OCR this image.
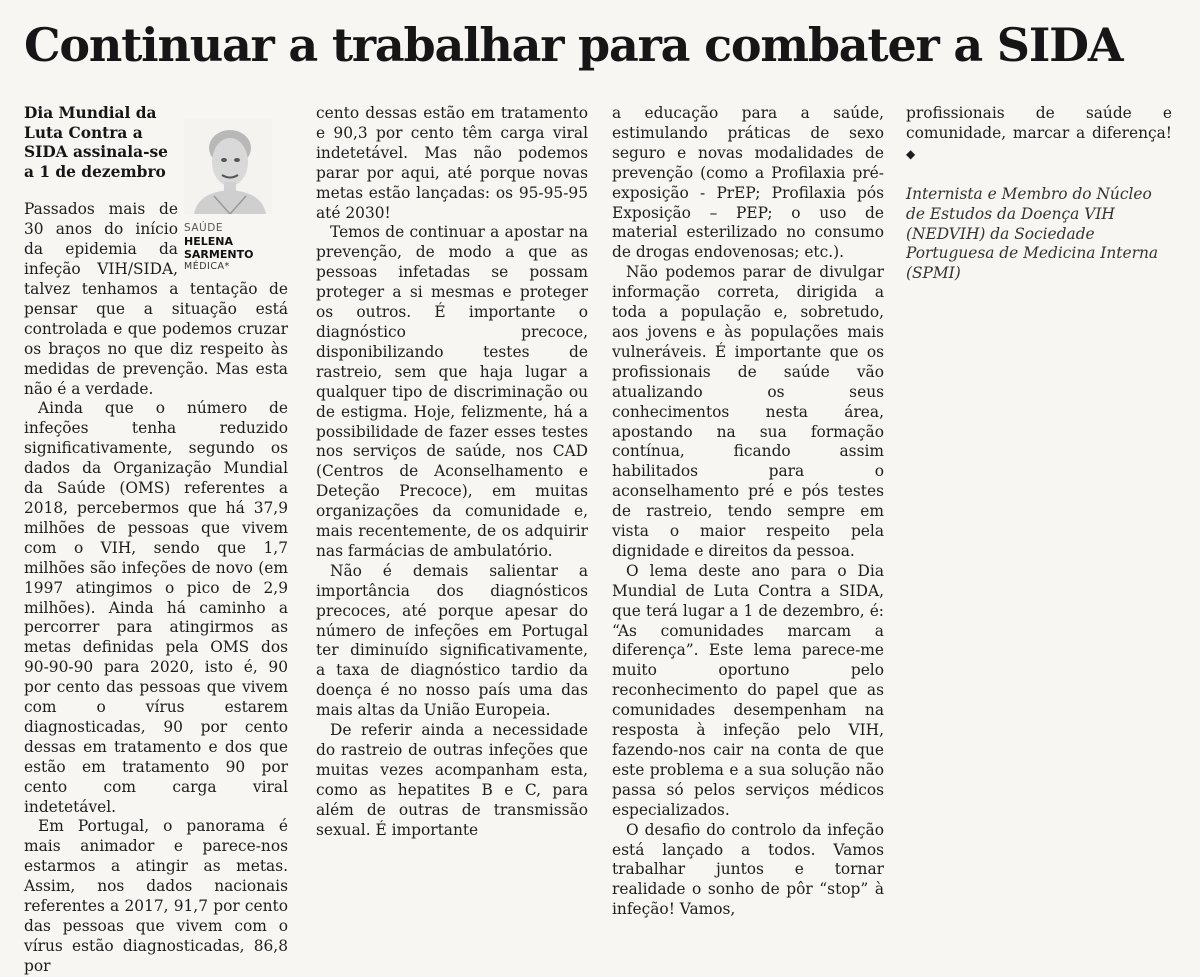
Continuar a trabalhar para combater a SIDA
SAÚDE
HELENA
SARMENTO
MÉDICA*

Dia Mundial da Luta Contra a SIDA assinala-se a 1 de dezembro

Passados mais de 30 anos do início da epidemia da infeção VIH/SIDA, talvez tenhamos a tentação de pensar que a situação está controlada e que podemos cruzar os braços no que diz respeito às medidas de prevenção. Mas esta não é a verdade.

Ainda que o número de infeções tenha reduzido significativamente, segundo os dados da Organização Mundial da Saúde (OMS) referentes a 2018, percebermos que há 37,9 milhões de pessoas que vivem com o VIH, sendo que 1,7 milhões são infeções de novo (em 1997 atingimos o pico de 2,9 milhões). Ainda há caminho a percorrer para atingirmos as metas definidas pela OMS dos 90-90-90 para 2020, isto é, 90 por cento das pessoas que vivem com o vírus estarem diagnosticadas, 90 por cento dessas em tratamento e dos que estão em tratamento 90 por cento com carga viral indetetável.

Em Portugal, o panorama é mais animador e parece-nos estarmos a atingir as metas. Assim, nos dados nacionais referentes a 2017, 91,7 por cento das pessoas que vivem com o vírus estão diagnosticadas, 86,8 por

cento dessas estão em tratamento e 90,3 por cento têm carga viral indetetável. Mas não podemos parar por aqui, até porque novas metas estão lançadas: os 95-95-95 até 2030!

Temos de continuar a apostar na prevenção, de modo a que as pessoas infetadas se possam proteger a si mesmas e proteger os outros. É importante o diagnóstico precoce, disponibilizando testes de rastreio, sem que haja lugar a qualquer tipo de discriminação ou de estigma. Hoje, felizmente, há a possibilidade de fazer esses testes nos serviços de saúde, nos CAD (Centros de Aconselhamento e Deteção Precoce), em muitas organizações da comunidade e, mais recentemente, de os adquirir nas farmácias de ambulatório.

Não é demais salientar a importância dos diagnósticos precoces, até porque apesar do número de infeções em Portugal ter diminuído significativamente, a taxa de diagnóstico tardio da doença é no nosso país uma das mais altas da União Europeia.

De referir ainda a necessidade do rastreio de outras infeções que muitas vezes acompanham esta, como as hepatites B e C, para além de outras de transmissão sexual. É importante

a educação para a saúde, estimulando práticas de sexo seguro e novas modalidades de prevenção (como a Profilaxia pré-exposição - PrEP; Profilaxia pós Exposição – PEP; o uso de material esterilizado no consumo de drogas endovenosas; etc.).

Não podemos parar de divulgar informação correta, dirigida a toda a população e, sobretudo, aos jovens e às populações mais vulneráveis. É importante que os profissionais de saúde vão atualizando os seus conhecimentos nesta área, apostando na sua formação contínua, ficando assim habilitados para o aconselhamento pré e pós testes de rastreio, tendo sempre em vista o maior respeito pela dignidade e direitos da pessoa.

O lema deste ano para o Dia Mundial de Luta Contra a SIDA, que terá lugar a 1 de dezembro, é: “As comunidades marcam a diferença”. Este lema parece-me muito oportuno pelo reconhecimento do papel que as comunidades desempenham na resposta à infeção pelo VIH, fazendo-nos cair na conta de que este problema e a sua solução não passa só pelos serviços médicos especializados.

O desafio do controlo da infeção está lançado a todos. Vamos trabalhar juntos e tornar realidade o sonho de pôr “stop” à infeção! Vamos,

profissionais de saúde e comunidade, marcar a diferença! ◆

Internista e Membro do Núcleo de Estudos da Doença VIH (NEDVIH) da Sociedade Portuguesa de Medicina Interna (SPMI)
